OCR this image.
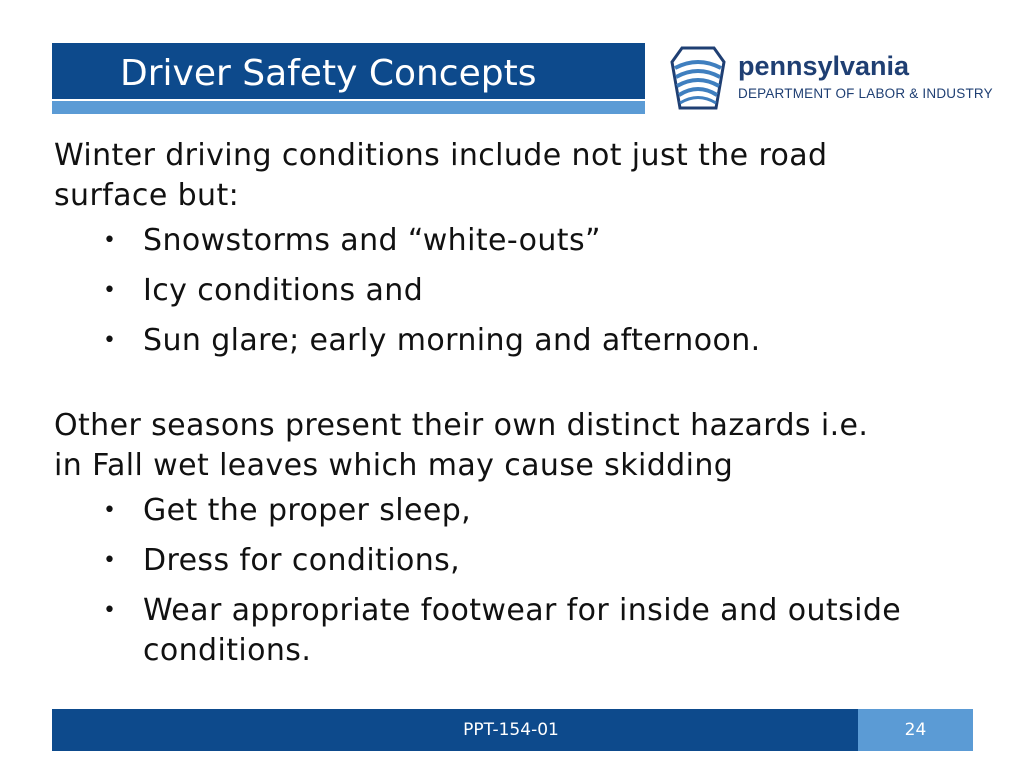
Driver Safety Concepts	pennsylvania
DEPARTMENT OF LABOR & INDUSTRY

Winter driving conditions include not just the road
surface but:

• Snowstorms and “white-outs”
• Icy conditions and
• Sun glare; early morning and afternoon.

Other seasons present their own distinct hazards i.e.
in Fall wet leaves which may cause skidding

• Get the proper sleep,
• Dress for conditions,
• Wear appropriate footwear for inside and outside conditions.
PPT-154-01	24
